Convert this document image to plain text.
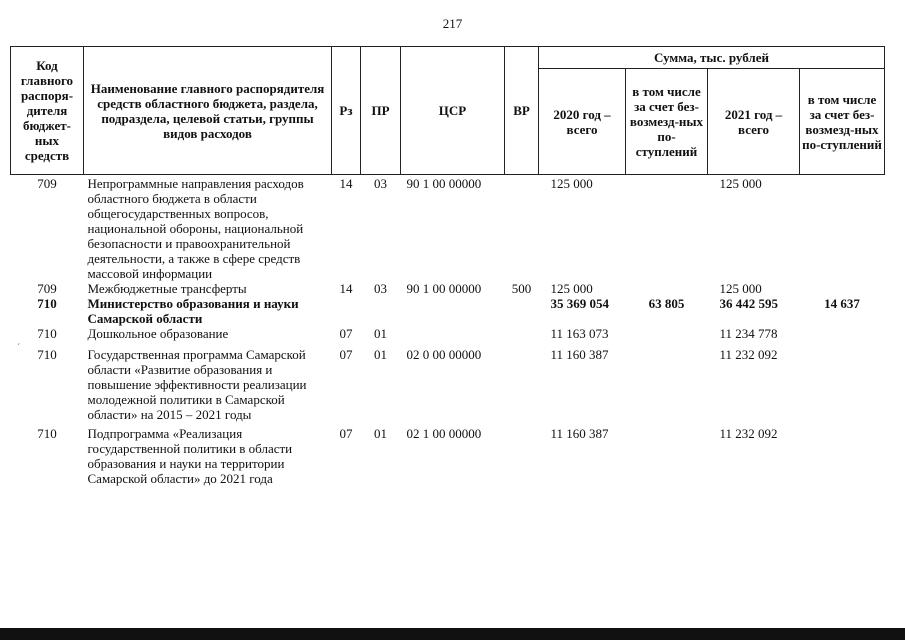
217
Код главного распоря-дителя бюджет-ных средств	Наименование главного распорядителя средств областного бюджета, раздела, подраздела, целевой статьи, группы видов расходов	Рз	ПР	ЦСР	ВР	Сумма, тыс. рублей			
						2020 год – всего	в том числе за счет без-возмезд-ных по-ступлений	2021 год – всего	в том числе за счет без-возмезд-ных по-ступлений
709	Непрограммные направления расходов областного бюджета в области общегосударственных вопросов, национальной обороны, национальной безопасности и правоохранительной деятельности, а также в сфере средств массовой информации	14	03	90 1 00 00000		125 000		125 000	
709	Межбюджетные трансферты	14	03	90 1 00 00000	500	125 000		125 000	
710	Министерство образования и науки Самарской области					35 369 054	63 805	36 442 595	14 637
710	Дошкольное образование	07	01			11 163 073		11 234 778	
710	Государственная программа Самарской области «Развитие образования и повышение эффективности реализации молодежной политики в Самарской области» на 2015 – 2021 годы	07	01	02 0 00 00000		11 160 387		11 232 092	
710	Подпрограмма «Реализация государственной политики в области образования и науки на территории Самарской области» до 2021 года	07	01	02 1 00 00000		11 160 387		11 232 092	
´
